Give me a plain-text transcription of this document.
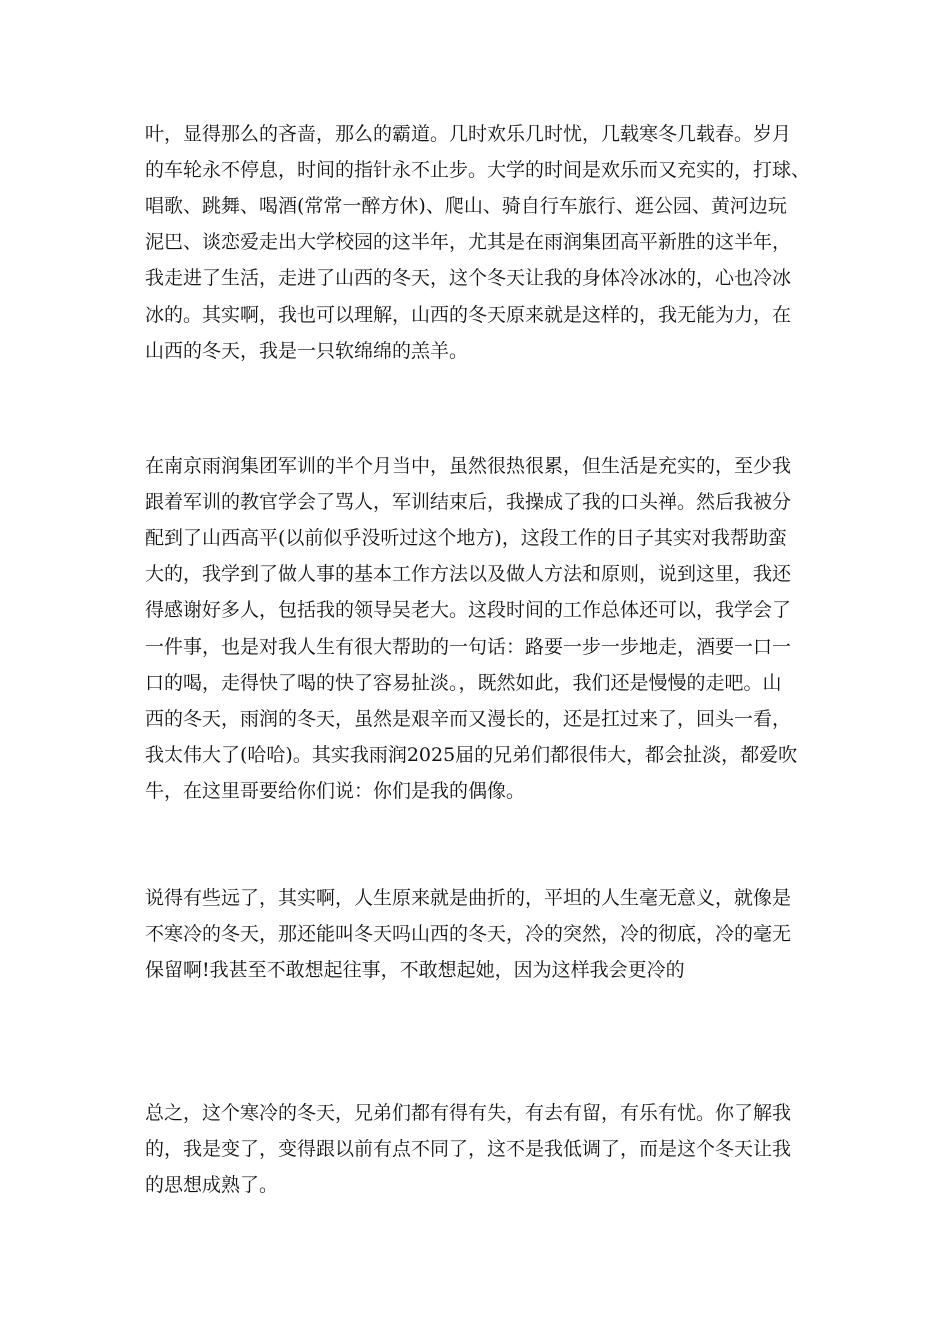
叶，显得那么的吝啬，那么的霸道。几时欢乐几时忧，几载寒冬几载春。岁月
的车轮永不停息，时间的指针永不止步。大学的时间是欢乐而又充实的，打球、
唱歌、跳舞、喝酒(常常一醉方休)、爬山、骑自行车旅行、逛公园、黄河边玩
泥巴、谈恋爱走出大学校园的这半年，尤其是在雨润集团高平新胜的这半年，
我走进了生活，走进了山西的冬天，这个冬天让我的身体冷冰冰的，心也冷冰
冰的。其实啊，我也可以理解，山西的冬天原来就是这样的，我无能为力，在
山西的冬天，我是一只软绵绵的羔羊。
在南京雨润集团军训的半个月当中，虽然很热很累，但生活是充实的，至少我
跟着军训的教官学会了骂人，军训结束后，我操成了我的口头禅。然后我被分
配到了山西高平(以前似乎没听过这个地方)，这段工作的日子其实对我帮助蛮
大的，我学到了做人事的基本工作方法以及做人方法和原则，说到这里，我还
得感谢好多人，包括我的领导吴老大。这段时间的工作总体还可以，我学会了
一件事，也是对我人生有很大帮助的一句话：路要一步一步地走，酒要一口一
口的喝，走得快了喝的快了容易扯淡。，既然如此，我们还是慢慢的走吧。山
西的冬天，雨润的冬天，虽然是艰辛而又漫长的，还是扛过来了，回头一看，
我太伟大了(哈哈)。其实我雨润2025届的兄弟们都很伟大，都会扯淡，都爱吹
牛，在这里哥要给你们说：你们是我的偶像。
说得有些远了，其实啊，人生原来就是曲折的，平坦的人生毫无意义，就像是
不寒冷的冬天，那还能叫冬天吗山西的冬天，冷的突然，冷的彻底，冷的毫无
保留啊!我甚至不敢想起往事，不敢想起她，因为这样我会更冷的
总之，这个寒冷的冬天，兄弟们都有得有失，有去有留，有乐有忧。你了解我
的，我是变了，变得跟以前有点不同了，这不是我低调了，而是这个冬天让我
的思想成熟了。
